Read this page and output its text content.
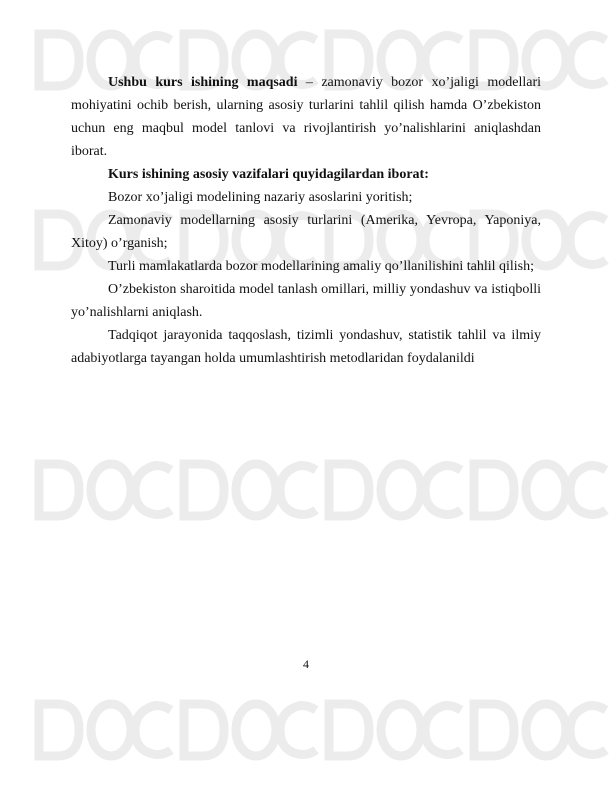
Ushbu kurs ishining maqsadi – zamonaviy bozor xo’jaligi modellari mohiyatini ochib berish, ularning asosiy turlarini tahlil qilish hamda O’zbekiston uchun eng maqbul model tanlovi va rivojlantirish yo’nalishlarini aniqlashdan iborat.

Kurs ishining asosiy vazifalari quyidagilardan iborat:

Bozor xo’jaligi modelining nazariy asoslarini yoritish;

Zamonaviy modellarning asosiy turlarini (Amerika, Yevropa, Yaponiya, Xitoy) o’rganish;

Turli mamlakatlarda bozor modellarining amaliy qo’llanilishini tahlil qilish;

O’zbekiston sharoitida model tanlash omillari, milliy yondashuv va istiqbolli yo’nalishlarni aniqlash.

Tadqiqot jarayonida taqqoslash, tizimli yondashuv, statistik tahlil va ilmiy adabiyotlarga tayangan holda umumlashtirish metodlaridan foydalanildi

4
